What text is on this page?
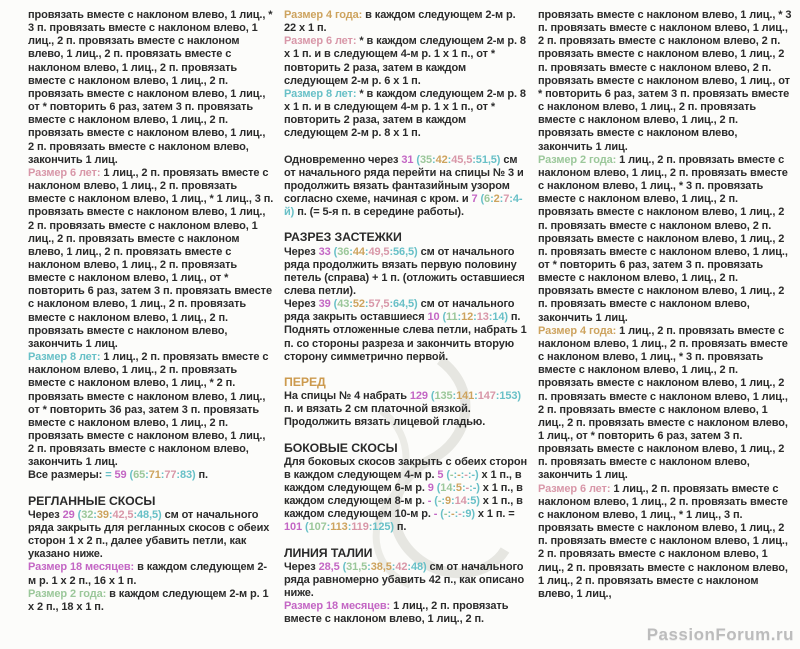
провязать вместе с наклоном влево, 1 лиц., * 3 п. провязать вместе с наклоном влево, 1 лиц., 2 п. провязать вместе с наклоном влево, 1 лиц., 2 п. провязать вместе с наклоном влево, 1 лиц., 2 п. провязать вместе с наклоном влево, 1 лиц., 2 п. провязать вместе с наклоном влево, 1 лиц., от * повторить 6 раз, затем 3 п. провязать вместе с наклоном влево, 1 лиц., 2 п. провязать вместе с наклоном влево, 1 лиц., 2 п. провязать вместе с наклоном влево, закончить 1 лиц.
Размер 6 лет: 1 лиц., 2 п. провязать вместе с наклоном влево, 1 лиц., 2 п. провязать вместе с наклоном влево, 1 лиц., * 1 лиц., 3 п. провязать вместе с наклоном влево, 1 лиц., 2 п. провязать вместе с наклоном влево, 1 лиц., 2 п. провязать вместе с наклоном влево, 1 лиц., 2 п. провязать вместе с наклоном влево, 1 лиц., 2 п. провязать вместе с наклоном влево, 1 лиц., от * повторить 6 раз, затем 3 п. провязать вместе с наклоном влево, 1 лиц., 2 п. провязать вместе с наклоном влево, 1 лиц., 2 п. провязать вместе с наклоном влево, закончить 1 лиц.
Размер 8 лет: 1 лиц., 2 п. провязать вместе с наклоном влево, 1 лиц., 2 п. провязать вместе с наклоном влево, 1 лиц., * 2 п. провязать вместе с наклоном влево, 1 лиц., от * повторить 36 раз, затем 3 п. провязать вместе с наклоном влево, 1 лиц., 2 п. провязать вместе с наклоном влево, 1 лиц., 2 п. провязать вместе с наклоном влево, закончить 1 лиц.
Все размеры: = 59 (65:71:77:83) п.
РЕГЛАННЫЕ СКОСЫ
Через 29 (32:39:42,5:48,5) см от начального ряда закрыть для регланных скосов с обеих сторон 1 х 2 п., далее убавить петли, как указано ниже.
Размер 18 месяцев: в каждом следующем 2-м р. 1 х 2 п., 16 х 1 п.
Размер 2 года: в каждом следующем 2-м р. 1 х 2 п., 18 х 1 п.
Размер 4 года: в каждом следующем 2-м р. 22 х 1 п.
Размер 6 лет: * в каждом следующем 2-м р. 8 х 1 п. и в следующем 4-м р. 1 х 1 п., от * повторить 2 раза, затем в каждом следующем 2-м р. 6 х 1 п.
Размер 8 лет: * в каждом следующем 2-м р. 8 х 1 п. и в следующем 4-м р. 1 х 1 п., от * повторить 2 раза, затем в каждом следующем 2-м р. 8 х 1 п.
Одновременно через 31 (35:42:45,5:51,5) см от начального ряда перейти на спицы № 3 и продолжить вязать фантазийным узором согласно схеме, начиная с кром. и 7 (6:2:7:4-й) п. (= 5-я п. в середине работы).
РАЗРЕЗ ЗАСТЕЖКИ
Через 33 (36:44:49,5:56,5) см от начального ряда продолжить вязать первую половину петель (справа) + 1 п. (отложить оставшиеся слева петли).
Через 39 (43:52:57,5:64,5) см от начального ряда закрыть оставшиеся 10 (11:12:13:14) п. Поднять отложенные слева петли, набрать 1 п. со стороны разреза и закончить вторую сторону симметрично первой.
ПЕРЕД
На спицы № 4 набрать 129 (135:141:147:153) п. и вязать 2 см платочной вязкой. Продолжить вязать лицевой гладью.
БОКОВЫЕ СКОСЫ
Для боковых скосов закрыть с обеих сторон в каждом следующем 4-м р. 5 (-:-:-:-) х 1 п., в каждом следующем 6-м р. 9 (14:5:-:-) х 1 п., в каждом следующем 8-м р. - (-:9:14:5) х 1 п., в каждом следующем 10-м р. - (-:-:-:9) х 1 п. = 101 (107:113:119:125) п.
ЛИНИЯ ТАЛИИ
Через 28,5 (31,5:38,5:42:48) см от начального ряда равномерно убавить 42 п., как описано ниже.
Размер 18 месяцев: 1 лиц., 2 п. провязать вместе с наклоном влево, 1 лиц., 2 п.
провязать вместе с наклоном влево, 1 лиц., * 3 п. провязать вместе с наклоном влево, 1 лиц., 2 п. провязать вместе с наклоном влево, 2 п. провязать вместе с наклоном влево, 1 лиц., 2 п. провязать вместе с наклоном влево, 2 п. провязать вместе с наклоном влево, 1 лиц., от * повторить 6 раз, затем 3 п. провязать вместе с наклоном влево, 1 лиц., 2 п. провязать вместе с наклоном влево, 1 лиц., 2 п. провязать вместе с наклоном влево, закончить 1 лиц.
Размер 2 года: 1 лиц., 2 п. провязать вместе с наклоном влево, 1 лиц., 2 п. провязать вместе с наклоном влево, 1 лиц., * 3 п. провязать вместе с наклоном влево, 1 лиц., 2 п. провязать вместе с наклоном влево, 1 лиц., 2 п. провязать вместе с наклоном влево, 2 п. провязать вместе с наклоном влево, 1 лиц., 2 п. провязать вместе с наклоном влево, 1 лиц., от * повторить 6 раз, затем 3 п. провязать вместе с наклоном влево, 1 лиц., 2 п. провязать вместе с наклоном влево, 1 лиц., 2 п. провязать вместе с наклоном влево, закончить 1 лиц.
Размер 4 года: 1 лиц., 2 п. провязать вместе с наклоном влево, 1 лиц., 2 п. провязать вместе с наклоном влево, 1 лиц., * 3 п. провязать вместе с наклоном влево, 1 лиц., 2 п. провязать вместе с наклоном влево, 1 лиц., 2 п. провязать вместе с наклоном влево, 1 лиц., 2 п. провязать вместе с наклоном влево, 1 лиц., 2 п. провязать вместе с наклоном влево, 1 лиц., от * повторить 6 раз, затем 3 п. провязать вместе с наклоном влево, 1 лиц., 2 п. провязать вместе с наклоном влево, закончить 1 лиц.
Размер 6 лет: 1 лиц., 2 п. провязать вместе с наклоном влево, 1 лиц., 2 п. провязать вместе с наклоном влево, 1 лиц., * 1 лиц., 3 п. провязать вместе с наклоном влево, 1 лиц., 2 п. провязать вместе с наклоном влево, 1 лиц., 2 п. провязать вместе с наклоном влево, 1 лиц., 2 п. провязать вместе с наклоном влево, 1 лиц., 2 п. провязать вместе с наклоном влево, 1 лиц.,
PassionForum.ru
